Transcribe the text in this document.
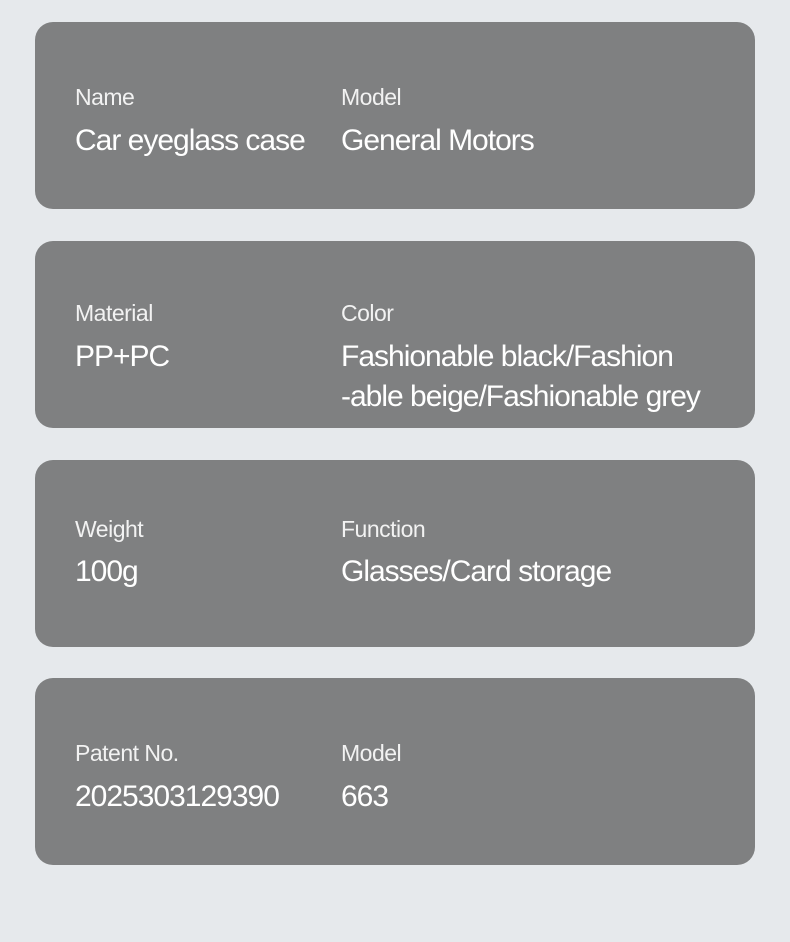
Name
Car eyeglass case
Model
General Motors
Material
PP+PC
Color
Fashionable black/Fashion
-able beige/Fashionable grey
Weight
100g
Function
Glasses/Card storage
Patent No.
2025303129390
Model
663
